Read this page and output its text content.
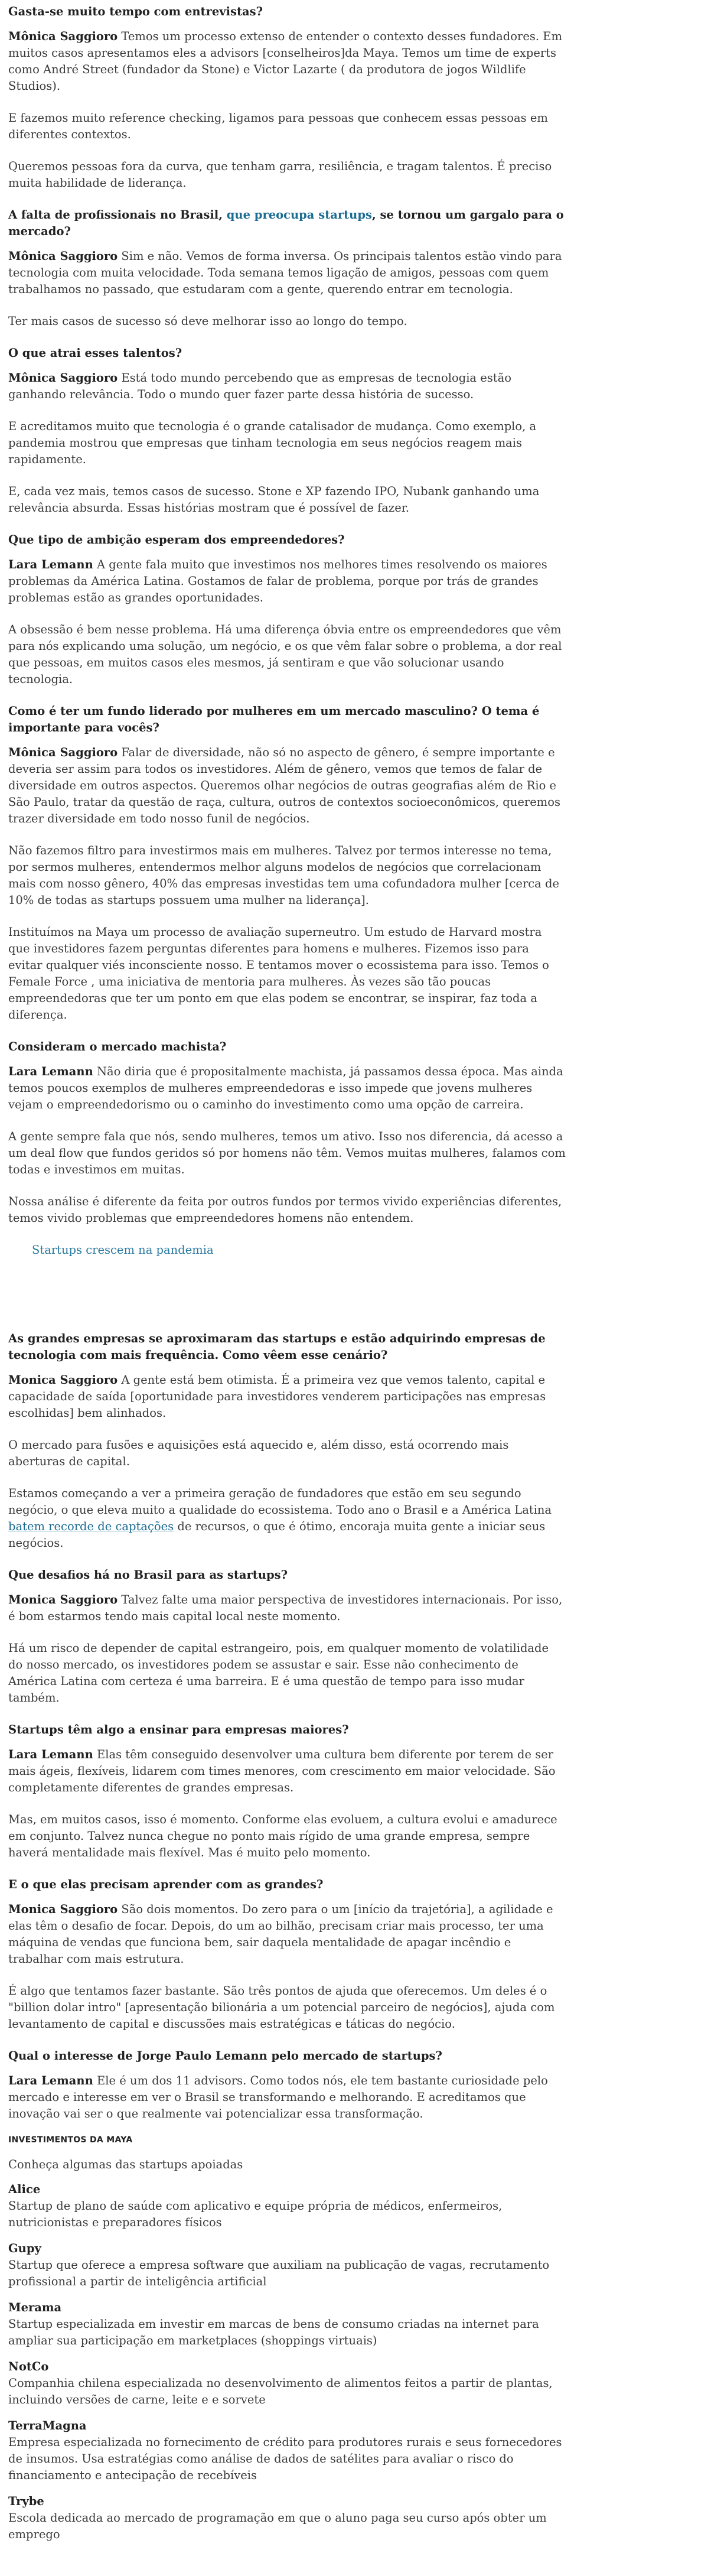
Gasta-se muito tempo com entrevistas?

Mônica Saggioro Temos um processo extenso de entender o contexto desses fundadores. Em muitos casos apresentamos eles a advisors [conselheiros]da Maya. Temos um time de experts como André Street (fundador da Stone) e Victor Lazarte ( da produtora de jogos Wildlife Studios).

E fazemos muito reference checking, ligamos para pessoas que conhecem essas pessoas em diferentes contextos.

Queremos pessoas fora da curva, que tenham garra, resiliência, e tragam talentos. É preciso muita habilidade de liderança.

A falta de profissionais no Brasil, que preocupa startups, se tornou um gargalo para o mercado?

Mônica Saggioro Sim e não. Vemos de forma inversa. Os principais talentos estão vindo para tecnologia com muita velocidade. Toda semana temos ligação de amigos, pessoas com quem trabalhamos no passado, que estudaram com a gente, querendo entrar em tecnologia.

Ter mais casos de sucesso só deve melhorar isso ao longo do tempo.

O que atrai esses talentos?

Mônica Saggioro Está todo mundo percebendo que as empresas de tecnologia estão ganhando relevância. Todo o mundo quer fazer parte dessa história de sucesso.

E acreditamos muito que tecnologia é o grande catalisador de mudança. Como exemplo, a pandemia mostrou que empresas que tinham tecnologia em seus negócios reagem mais rapidamente.

E, cada vez mais, temos casos de sucesso. Stone e XP fazendo IPO, Nubank ganhando uma relevância absurda. Essas histórias mostram que é possível de fazer.

Que tipo de ambição esperam dos empreendedores?

Lara Lemann A gente fala muito que investimos nos melhores times resolvendo os maiores problemas da América Latina. Gostamos de falar de problema, porque por trás de grandes problemas estão as grandes oportunidades.

A obsessão é bem nesse problema. Há uma diferença óbvia entre os empreendedores que vêm para nós explicando uma solução, um negócio, e os que vêm falar sobre o problema, a dor real que pessoas, em muitos casos eles mesmos, já sentiram e que vão solucionar usando tecnologia.

Como é ter um fundo liderado por mulheres em um mercado masculino? O tema é importante para vocês?

Mônica Saggioro Falar de diversidade, não só no aspecto de gênero, é sempre importante e deveria ser assim para todos os investidores. Além de gênero, vemos que temos de falar de diversidade em outros aspectos. Queremos olhar negócios de outras geografias além de Rio e São Paulo, tratar da questão de raça, cultura, outros de contextos socioeconômicos, queremos trazer diversidade em todo nosso funil de negócios.

Não fazemos filtro para investirmos mais em mulheres. Talvez por termos interesse no tema, por sermos mulheres, entendermos melhor alguns modelos de negócios que correlacionam mais com nosso gênero, 40% das empresas investidas tem uma cofundadora mulher [cerca de 10% de todas as startups possuem uma mulher na liderança].

Instituímos na Maya um processo de avaliação superneutro. Um estudo de Harvard mostra que investidores fazem perguntas diferentes para homens e mulheres. Fizemos isso para evitar qualquer viés inconsciente nosso. E tentamos mover o ecossistema para isso. Temos o Female Force , uma iniciativa de mentoria para mulheres. Às vezes são tão poucas empreendedoras que ter um ponto em que elas podem se encontrar, se inspirar, faz toda a diferença.

Consideram o mercado machista?

Lara Lemann Não diria que é propositalmente machista, já passamos dessa época. Mas ainda temos poucos exemplos de mulheres empreendedoras e isso impede que jovens mulheres vejam o empreendedorismo ou o caminho do investimento como uma opção de carreira.

A gente sempre fala que nós, sendo mulheres, temos um ativo. Isso nos diferencia, dá acesso a um deal flow que fundos geridos só por homens não têm. Vemos muitas mulheres, falamos com todas e investimos em muitas.

Nossa análise é diferente da feita por outros fundos por termos vivido experiências diferentes, temos vivido problemas que empreendedores homens não entendem.

Startups crescem na pandemia

As grandes empresas se aproximaram das startups e estão adquirindo empresas de tecnologia com mais frequência. Como vêem esse cenário?

Monica Saggioro A gente está bem otimista. É a primeira vez que vemos talento, capital e capacidade de saída [oportunidade para investidores venderem participações nas empresas escolhidas] bem alinhados.

O mercado para fusões e aquisições está aquecido e, além disso, está ocorrendo mais aberturas de capital.

Estamos começando a ver a primeira geração de fundadores que estão em seu segundo negócio, o que eleva muito a qualidade do ecossistema. Todo ano o Brasil e a América Latina batem recorde de captações de recursos, o que é ótimo, encoraja muita gente a iniciar seus negócios.

Que desafios há no Brasil para as startups?

Monica Saggioro Talvez falte uma maior perspectiva de investidores internacionais. Por isso, é bom estarmos tendo mais capital local neste momento.

Há um risco de depender de capital estrangeiro, pois, em qualquer momento de volatilidade do nosso mercado, os investidores podem se assustar e sair. Esse não conhecimento de América Latina com certeza é uma barreira. E é uma questão de tempo para isso mudar também.

Startups têm algo a ensinar para empresas maiores?

Lara Lemann Elas têm conseguido desenvolver uma cultura bem diferente por terem de ser mais ágeis, flexíveis, lidarem com times menores, com crescimento em maior velocidade. São completamente diferentes de grandes empresas.

Mas, em muitos casos, isso é momento. Conforme elas evoluem, a cultura evolui e amadurece em conjunto. Talvez nunca chegue no ponto mais rígido de uma grande empresa, sempre haverá mentalidade mais flexível. Mas é muito pelo momento.

E o que elas precisam aprender com as grandes?

Monica Saggioro São dois momentos. Do zero para o um [início da trajetória], a agilidade e elas têm o desafio de focar. Depois, do um ao bilhão, precisam criar mais processo, ter uma máquina de vendas que funciona bem, sair daquela mentalidade de apagar incêndio e trabalhar com mais estrutura.

É algo que tentamos fazer bastante. São três pontos de ajuda que oferecemos. Um deles é o "billion dolar intro" [apresentação bilionária a um potencial parceiro de negócios], ajuda com levantamento de capital e discussões mais estratégicas e táticas do negócio.

Qual o interesse de Jorge Paulo Lemann pelo mercado de startups?

Lara Lemann Ele é um dos 11 advisors. Como todos nós, ele tem bastante curiosidade pelo mercado e interesse em ver o Brasil se transformando e melhorando. E acreditamos que inovação vai ser o que realmente vai potencializar essa transformação.

INVESTIMENTOS DA MAYA

Conheça algumas das startups apoiadas

Alice

Startup de plano de saúde com aplicativo e equipe própria de médicos, enfermeiros, nutricionistas e preparadores físicos

Gupy

Startup que oferece a empresa software que auxiliam na publicação de vagas, recrutamento profissional a partir de inteligência artificial

Merama

Startup especializada em investir em marcas de bens de consumo criadas na internet para ampliar sua participação em marketplaces (shoppings virtuais)

NotCo

Companhia chilena especializada no desenvolvimento de alimentos feitos a partir de plantas, incluindo versões de carne, leite e e sorvete

TerraMagna

Empresa especializada no fornecimento de crédito para produtores rurais e seus fornecedores de insumos. Usa estratégias como análise de dados de satélites para avaliar o risco do financiamento e antecipação de recebíveis

Trybe

Escola dedicada ao mercado de programação em que o aluno paga seu curso após obter um emprego
